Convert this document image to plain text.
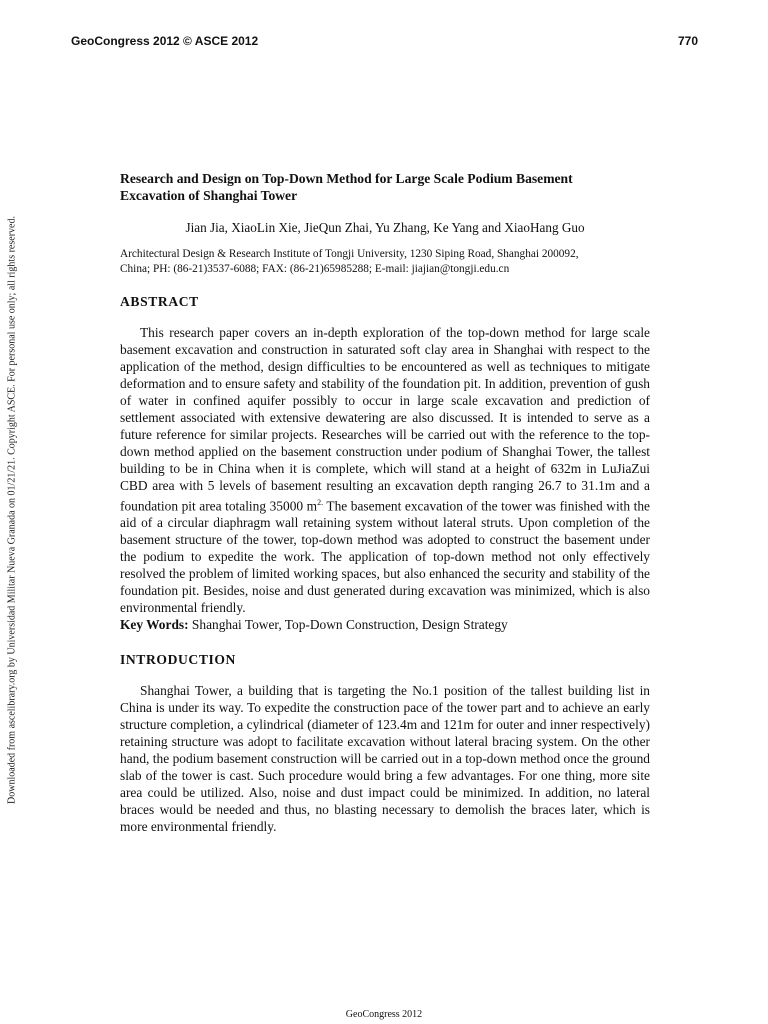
GeoCongress 2012 © ASCE 2012	770
Downloaded from ascelibrary.org by Universidad Militar Nueva Granada on 01/21/21. Copyright ASCE. For personal use only; all rights reserved.
Research and Design on Top-Down Method for Large Scale Podium Basement
Excavation of Shanghai Tower
Jian Jia, XiaoLin Xie, JieQun Zhai, Yu Zhang, Ke Yang and XiaoHang Guo
Architectural Design & Research Institute of Tongji University, 1230 Siping Road, Shanghai 200092,
China; PH: (86-21)3537-6088; FAX: (86-21)65985288; E-mail: jiajian@tongji.edu.cn
ABSTRACT
This research paper covers an in-depth exploration of the top-down method for large scale basement excavation and construction in saturated soft clay area in Shanghai with respect to the application of the method, design difficulties to be encountered as well as techniques to mitigate deformation and to ensure safety and stability of the foundation pit. In addition, prevention of gush of water in confined aquifer possibly to occur in large scale excavation and prediction of settlement associated with extensive dewatering are also discussed. It is intended to serve as a future reference for similar projects. Researches will be carried out with the reference to the top-down method applied on the basement construction under podium of Shanghai Tower, the tallest building to be in China when it is complete, which will stand at a height of 632m in LuJiaZui CBD area with 5 levels of basement resulting an excavation depth ranging 26.7 to 31.1m and a foundation pit area totaling 35000 $m^{2.}$ The basement excavation of the tower was finished with the aid of a circular diaphragm wall retaining system without lateral struts. Upon completion of the basement structure of the tower, top-down method was adopted to construct the basement under the podium to expedite the work. The application of top-down method not only effectively resolved the problem of limited working spaces, but also enhanced the security and stability of the foundation pit. Besides, noise and dust generated during excavation was minimized, which is also environmental friendly.
Key Words: Shanghai Tower, Top-Down Construction, Design Strategy
INTRODUCTION
Shanghai Tower, a building that is targeting the No.1 position of the tallest building list in China is under its way. To expedite the construction pace of the tower part and to achieve an early structure completion, a cylindrical (diameter of 123.4m and 121m for outer and inner respectively) retaining structure was adopt to facilitate excavation without lateral bracing system. On the other hand, the podium basement construction will be carried out in a top-down method once the ground slab of the tower is cast. Such procedure would bring a few advantages. For one thing, more site area could be utilized. Also, noise and dust impact could be minimized. In addition, no lateral braces would be needed and thus, no blasting necessary to demolish the braces later, which is more environmental friendly.
GeoCongress 2012
